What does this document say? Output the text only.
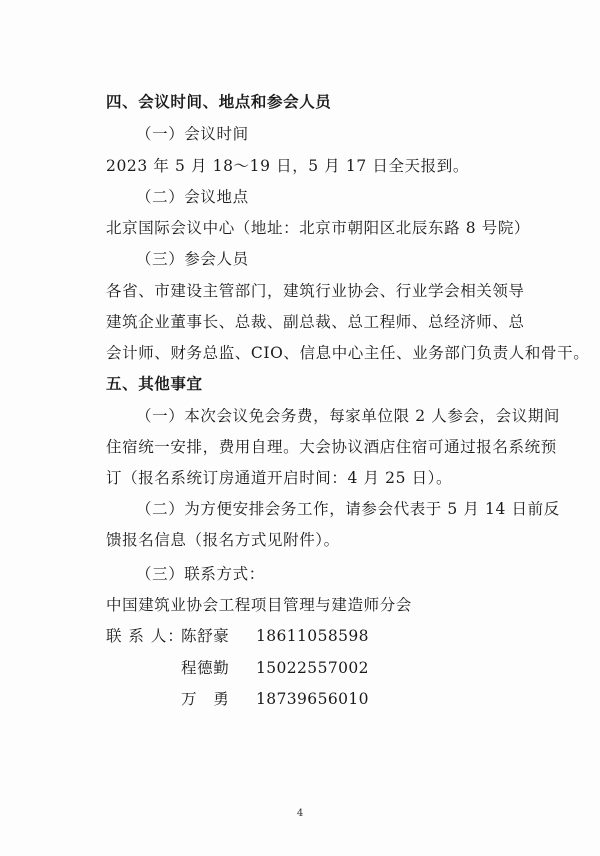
四、会议时间、地点和参会人员
（一）会议时间
2023 年 5 月 18～19 日，5 月 17 日全天报到。
（二）会议地点
北京国际会议中心（地址：北京市朝阳区北辰东路 8 号院）
（三）参会人员
各省、市建设主管部门，建筑行业协会、行业学会相关领导
建筑企业董事长、总裁、副总裁、总工程师、总经济师、总
会计师、财务总监、CIO、信息中心主任、业务部门负责人和骨干。
五、其他事宜
（一）本次会议免会务费，每家单位限 2 人参会，会议期间
住宿统一安排，费用自理。大会协议酒店住宿可通过报名系统预
订（报名系统订房通道开启时间：4 月 25 日）。
（二）为方便安排会务工作，请参会代表于 5 月 14 日前反
馈报名信息（报名方式见附件）。
（三）联系方式：
中国建筑业协会工程项目管理与建造师分会
联 系 人：
陈舒豪 18611058598
程德勤 15022557002
万　勇 18739656010
4
